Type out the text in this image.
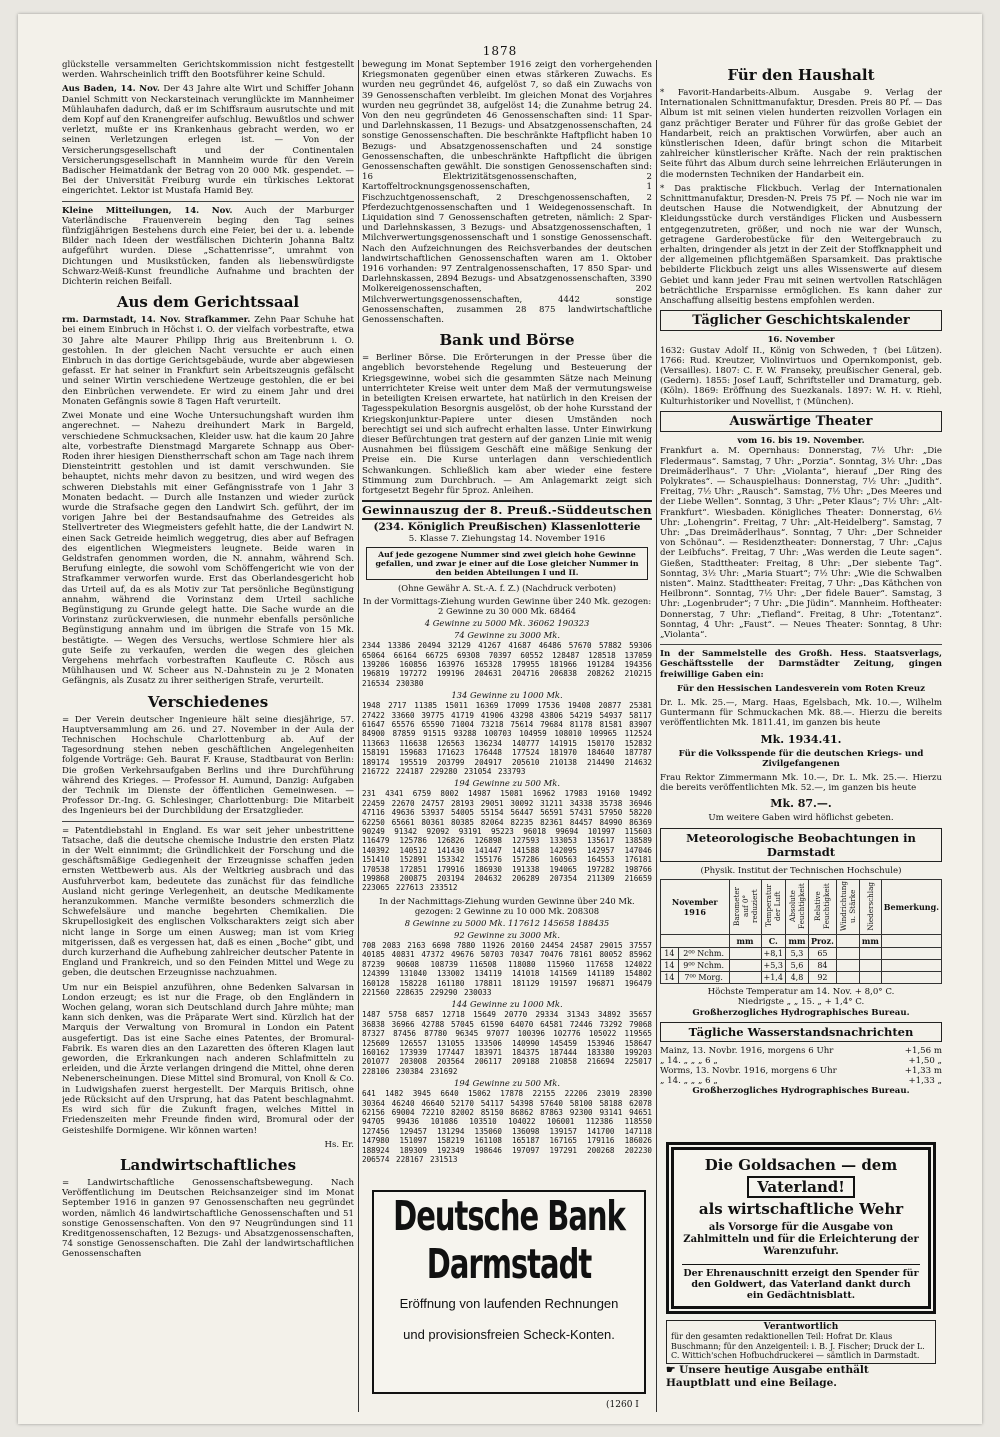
1878

glückstelle versammelten Gerichtskommission nicht festgestellt werden. Wahrscheinlich trifft den Bootsführer keine Schuld.

Aus Baden, 14. Nov. Der 43 Jahre alte Wirt und Schiffer Johann Daniel Schmitt von Neckarsteinach verunglückte im Mannheimer Mühlauhafen dadurch, daß er im Schiffsraum ausrutschte und mit dem Kopf auf den Kranengreifer aufschlug. Bewußtlos und schwer verletzt, mußte er ins Krankenhaus gebracht werden, wo er seinen Verletzungen erlegen ist. — Von der Versicherungsgesellschaft und der Continentalen Versicherungsgesellschaft in Mannheim wurde für den Verein Badischer Heimatdank der Betrag von 20 000 Mk. gespendet. — Bei der Universität Freiburg wurde ein türkisches Lektorat eingerichtet. Lektor ist Mustafa Hamid Bey.

Kleine Mitteilungen, 14. Nov. Auch der Marburger Vaterländische Frauenverein beging den Tag seines fünfzigjährigen Bestehens durch eine Feier, bei der u. a. lebende Bilder nach Ideen der westfälischen Dichterin Johanna Baltz aufgeführt wurden. Diese „Schattenrisse“, umrahmt von Dichtungen und Musikstücken, fanden als liebenswürdigste Schwarz-Weiß-Kunst freundliche Aufnahme und brachten der Dichterin reichen Beifall.

Aus dem Gerichtssaal

rm. Darmstadt, 14. Nov. Strafkammer. Zehn Paar Schuhe hat bei einem Einbruch in Höchst i. O. der vielfach vorbestrafte, etwa 30 Jahre alte Maurer Philipp Ihrig aus Breitenbrunn i. O. gestohlen. In der gleichen Nacht versuchte er auch einen Einbruch in das dortige Gerichtsgebäude, wurde aber abgewiesen gefasst. Er hat seiner in Frankfurt sein Arbeitszeugnis gefälscht und seiner Wirtin verschiedene Wertzeuge gestohlen, die er bei den Einbrüchen verwendete. Er wird zu einem Jahr und drei Monaten Gefängnis sowie 8 Tagen Haft verurteilt.

Zwei Monate und eine Woche Untersuchungshaft wurden ihm angerechnet. — Nahezu dreihundert Mark in Bargeld, verschiedene Schmucksachen, Kleider usw. hat die kaum 20 Jahre alte, vorbestrafte Dienstmagd Margarete Schnapp aus Ober-Roden ihrer hiesigen Dienstherrschaft schon am Tage nach ihrem Diensteintritt gestohlen und ist damit verschwunden. Sie behauptet, nichts mehr davon zu besitzen, und wird wegen des schweren Diebstahls mit einer Gefängnisstrafe von 1 Jahr 3 Monaten bedacht. — Durch alle Instanzen und wieder zurück wurde die Strafsache gegen den Landwirt Sch. geführt, der im vorigen Jahre bei der Bestandsaufnahme des Getreides als Stellvertreter des Wiegmeisters gefehlt hatte, die der Landwirt N. einen Sack Getreide heimlich weggetrug, dies aber auf Befragen des eigentlichen Wiegmeisters leugnete. Beide waren in Geldstrafen genommen worden, die N. annahm, während Sch. Berufung einlegte, die sowohl vom Schöffengericht wie von der Strafkammer verworfen wurde. Erst das Oberlandesgericht hob das Urteil auf, da es als Motiv zur Tat persönliche Begünstigung annahm, während die Vorinstanz dem Urteil sachliche Begünstigung zu Grunde gelegt hatte. Die Sache wurde an die Vorinstanz zurückverwiesen, die nunmehr ebenfalls persönliche Begünstigung annahm und im übrigen die Strafe von 15 Mk. bestätigte. — Wegen des Versuchs, wertlose Schmiere hier als gute Seife zu verkaufen, werden die wegen des gleichen Vergehens mehrfach vorbestraften Kaufleute C. Rösch aus Mühlhausen und W. Scheer aus N.-Dahnstein zu je 2 Monaten Gefängnis, als Zusatz zu ihrer seitherigen Strafe, verurteilt.

Verschiedenes

= Der Verein deutscher Ingenieure hält seine diesjährige, 57. Hauptversammlung am 26. und 27. November in der Aula der Technischen Hochschule Charlottenburg ab. Auf der Tagesordnung stehen neben geschäftlichen Angelegenheiten folgende Vorträge: Geh. Baurat F. Krause, Stadtbaurat von Berlin: Die großen Verkehrsaufgaben Berlins und ihre Durchführung während des Krieges. — Professor H. Aumund, Danzig: Aufgaben der Technik im Dienste der öffentlichen Gemeinwesen. — Professor Dr.-Ing. G. Schlesinger, Charlottenburg: Die Mitarbeit des Ingenieurs bei der Durchbildung der Ersatzglieder.

= Patentdiebstahl in England. Es war seit jeher unbestrittene Tatsache, daß die deutsche chemische Industrie den ersten Platz in der Welt einnimmt; die Gründlichkeit der Forschung und die geschäftsmäßige Gediegenheit der Erzeugnisse schaffen jeden ernsten Wettbewerb aus. Als der Weltkrieg ausbrach und das Ausfuhrverbot kam, bedeutete das zunächst für das feindliche Ausland nicht geringe Verlegenheit, an deutsche Medikamente heranzukommen. Manche vermißte besonders schmerzlich die Schwefelsäure und manche begehrten Chemikalien. Die Skrupellosigkeit des englischen Volkscharakters zeigt sich aber nicht lange in Sorge um einen Ausweg; man ist vom Krieg mitgerissen, daß es vergessen hat, daß es einen „Boche“ gibt, und durch kurzerhand die Aufhebung zahlreicher deutscher Patente in England und Frankreich, und so den Feinden Mittel und Wege zu geben, die deutschen Erzeugnisse nachzuahmen.

Um nur ein Beispiel anzuführen, ohne Bedenken Salvarsan in London erzeugt; es ist nur die Frage, ob den Engländern in Wochen gelang, woran sich Deutschland durch Jahre mühte; man kann sich denken, was die Präparate Wert sind. Kürzlich hat der Marquis der Verwaltung von Bromural in London ein Patent ausgefertigt. Das ist eine Sache eines Patentes, der Bromural-Fabrik. Es waren dies an den Lazaretten des öfteren Klagen laut geworden, die Erkrankungen nach anderen Schlafmitteln zu erleiden, und die Ärzte verlangen dringend die Mittel, ohne deren Nebenerscheinungen. Diese Mittel sind Bromural, von Knoll & Co. in Ludwigshafen zuerst hergestellt. Der Marquis Britisch, ohne jede Rücksicht auf den Ursprung, hat das Patent beschlagnahmt. Es wird sich für die Zukunft fragen, welches Mittel in Friedenszeiten mehr Freunde finden wird, Bromural oder der Geisteshilfe Dormigene. Wir können warten!

Hs. Er.

Landwirtschaftliches

= Landwirtschaftliche Genossenschaftsbewegung. Nach Veröffentlichung im Deutschen Reichsanzeiger sind im Monat September 1916 in ganzen 97 Genossenschaften neu gegründet worden, nämlich 46 landwirtschaftliche Genossenschaften und 51 sonstige Genossenschaften. Von den 97 Neugründungen sind 11 Kreditgenossenschaften, 12 Bezugs- und Absatzgenossenschaften, 74 sonstige Genossenschaften. Die Zahl der landwirtschaftlichen Genossenschaften

bewegung im Monat September 1916 zeigt den vorhergehenden Kriegsmonaten gegenüber einen etwas stärkeren Zuwachs. Es wurden neu gegründet 46, aufgelöst 7, so daß ein Zuwachs von 39 Genossenschaften verbleibt. Im gleichen Monat des Vorjahres wurden neu gegründet 38, aufgelöst 14; die Zunahme betrug 24. Von den neu gegründeten 46 Genossenschaften sind: 11 Spar- und Darlehnskassen, 11 Bezugs- und Absatzgenossenschaften, 24 sonstige Genossenschaften. Die beschränkte Haftpflicht haben 10 Bezugs- und Absatzgenossenschaften und 24 sonstige Genossenschaften, die unbeschränkte Haftpflicht die übrigen Genossenschaften gewählt. Die sonstigen Genossenschaften sind: 16 Elektrizitätsgenossenschaften, 2 Kartoffeltrocknungsgenossenschaften, 1 Fischzuchtgenossenschaft, 2 Dreschgenossenschaften, 2 Pferdezuchtgenossenschaften und 1 Weidegenossenschaft. In Liquidation sind 7 Genossenschaften getreten, nämlich: 2 Spar- und Darlehnskassen, 3 Bezugs- und Absatzgenossenschaften, 1 Milchverwertungsgenossenschaft und 1 sonstige Genossenschaft. Nach den Aufzeichnungen des Reichsverbandes der deutschen landwirtschaftlichen Genossenschaften waren am 1. Oktober 1916 vorhanden: 97 Zentralgenossenschaften, 17 850 Spar- und Darlehnskassen, 2894 Bezugs- und Absatzgenossenschaften, 3390 Molkereigenossenschaften, 202 Milchverwertungsgenossenschaften, 4442 sonstige Genossenschaften, zusammen 28 875 landwirtschaftliche Genossenschaften.

Bank und Börse

= Berliner Börse. Die Erörterungen in der Presse über die angeblich bevorstehende Regelung und Besteuerung der Kriegsgewinne, wobei sich die gesammten Sätze nach Meinung unterrichteter Kreise weit unter dem Maß der vermutungsweise in beteiligten Kreisen erwartete, hat natürlich in den Kreisen der Tagesspekulation Besorgnis ausgelöst, ob der hohe Kursstand der Kriegskonjunktur-Papiere unter diesen Umständen noch berechtigt sei und sich aufrecht erhalten lasse. Unter Einwirkung dieser Befürchtungen trat gestern auf der ganzen Linie mit wenig Ausnahmen bei flüssigem Geschäft eine mäßige Senkung der Preise ein. Die Kurse unterlagen dann verschiedentlich Schwankungen. Schließlich kam aber wieder eine festere Stimmung zum Durchbruch. — Am Anlagemarkt zeigt sich fortgesetzt Begehr für 5proz. Anleihen.

Gewinnauszug der 8. Preuß.-Süddeutschen
(234. Königlich Preußischen) Klassenlotterie
5. Klasse 7. Ziehungstag 14. November 1916
Auf jede gezogene Nummer sind zwei gleich hohe Gewinne gefallen, und zwar je einer auf die Lose gleicher Nummer in den beiden Abteilungen I und II.
(Ohne Gewähr A. St.-A. f. Z.) (Nachdruck verboten)
In der Vormittags-Ziehung wurden Gewinne über 240 Mk. gezogen: 2 Gewinne zu 30 000 Mk. 68464
4 Gewinne zu 5000 Mk. 36062 190323
74 Gewinne zu 3000 Mk.

2344 13386 20494 32129 41267 41687 46486 57670 57882 59306 65064 66164 66725 69308 70397 60552 128487 128518 137059 139206 160856 163976 165328 179955 181966 191284 194356 196819 197272 199196 204631 204716 206838 208262 210215 216534 230380

134 Gewinne zu 1000 Mk.

1948 2717 11385 15011 16369 17099 17536 19408 20877 25381 27422 33660 39775 41719 41906 43298 43806 54219 54937 58117 61647 65576 65590 71004 73218 75614 79684 81178 81581 83907 84900 87859 91515 93288 100703 104959 108010 109965 112524 113663 116638 126563 136234 140777 141915 150170 152832 158191 159683 171623 176448 177524 181970 184640 187787 189174 195519 203799 204917 205610 210138 214490 214632 216722 224187 229280 231054 233793

194 Gewinne zu 500 Mk.

231 4341 6759 8002 14987 15081 16962 17983 19160 19492 22459 22670 24757 28193 29051 30092 31211 34338 35738 36946 47116 49636 53937 54005 55154 56447 56591 57431 57950 58220 62250 65661 80361 80385 82064 82235 82361 84457 84990 86369 90249 91342 92092 93191 95223 96018 99694 101997 115603 116479 125786 126826 126898 127593 133053 135617 138589 140392 140512 141430 141447 141588 142095 142957 147046 151410 152891 153342 155176 157286 160563 164553 176181 170538 172851 179916 186930 191338 194065 197282 198766 199868 200875 203194 204632 206289 207354 211309 216659 223065 227613 233512

In der Nachmittags-Ziehung wurden Gewinne über 240 Mk. gezogen: 2 Gewinne zu 10 000 Mk. 208308
8 Gewinne zu 5000 Mk. 117612 145658 188435
92 Gewinne zu 3000 Mk.

708 2083 2163 6698 7880 11926 20160 24454 24587 29015 37557 40185 40831 47372 49676 50703 70347 70476 78161 80052 85962 87239 90608 108739 116508 118080 115960 117658 124022 124399 131040 133002 134119 141018 141569 141189 154802 160128 158228 161180 178811 181129 191597 196871 196479 221560 228635 229290 230033

144 Gewinne zu 1000 Mk.

1487 5758 6857 12718 15649 20770 29334 31343 34892 35657 36838 36966 42788 57045 61590 64070 64581 72446 73292 79068 87327 87456 87780 96345 97077 100396 102776 105022 119565 125609 126557 131055 133506 140990 145459 153946 158647 160162 173939 177447 183971 184375 187444 183380 199203 201077 203008 203564 206117 209188 210858 216694 225017 228106 230384 231692

194 Gewinne zu 500 Mk.

641 1482 3945 6640 15062 17878 22155 22206 23019 28390 30364 46240 46640 52170 54117 54398 57640 58100 58188 62078 62156 69004 72210 82002 85150 86862 87863 92300 93141 94651 94705 99436 101086 103510 104022 106001 112386 118550 127456 129457 131294 135060 136098 139157 141700 147118 147980 151097 158219 161108 165187 167165 179116 186026 188924 189309 192349 198646 197097 197291 200268 202230 206574 228167 231513

Deutsche Bank Darmstadt
Eröffnung von laufenden Rechnungen
und provisionsfreien Scheck-Konten.
(1260 I
Für den Haushalt

* Favorit-Handarbeits-Album. Ausgabe 9. Verlag der Internationalen Schnittmanufaktur, Dresden. Preis 80 Pf. — Das Album ist mit seinen vielen hunderten reizvollen Vorlagen ein ganz prächtiger Berater und Führer für das große Gebiet der Handarbeit, reich an praktischen Vorwürfen, aber auch an künstlerischen Ideen, dafür bringt schon die Mitarbeit zahlreicher künstlerischer Kräfte. Nach der rein praktischen Seite führt das Album durch seine lehrreichen Erläuterungen in die modernsten Techniken der Handarbeit ein.

* Das praktische Flickbuch. Verlag der Internationalen Schnittmanufaktur, Dresden-N. Preis 75 Pf. — Noch nie war im deutschen Hause die Notwendigkeit, der Abnutzung der Kleidungsstücke durch verständiges Flicken und Ausbessern entgegenzutreten, größer, und noch nie war der Wunsch, getragene Garderobestücke für den Weitergebrauch zu erhalten, dringender als jetzt in der Zeit der Stoffknappheit und der allgemeinen pflichtgemäßen Sparsamkeit. Das praktische bebilderte Flickbuch zeigt uns alles Wissenswerte auf diesem Gebiet und kann jeder Frau mit seinen wertvollen Ratschlägen beträchtliche Ersparnisse ermöglichen. Es kann daher zur Anschaffung allseitig bestens empfohlen werden.

Täglicher Geschichtskalender
16. November

1632: Gustav Adolf II., König von Schweden, † (bei Lützen). 1766: Rud. Kreutzer, Violinvirtuos und Opernkomponist, geb. (Versailles). 1807: C. F. W. Franseky, preußischer General, geb. (Gedern). 1855: Josef Lauff, Schriftsteller und Dramaturg, geb. (Köln). 1869: Eröffnung des Suezkanals. 1897: W. H. v. Riehl, Kulturhistoriker und Novellist, † (München).

Auswärtige Theater
vom 16. bis 19. November.

Frankfurt a. M. Opernhaus: Donnerstag, 7½ Uhr: „Die Fledermaus“. Samstag, 7 Uhr: „Porzia“. Sonntag, 3½ Uhr: „Das Dreimäderlhaus“. 7 Uhr: „Violanta“, hierauf „Der Ring des Polykrates“. — Schauspielhaus: Donnerstag, 7½ Uhr: „Judith“. Freitag, 7½ Uhr: „Rausch“. Samstag, 7½ Uhr: „Des Meeres und der Liebe Wellen“. Sonntag, 3 Uhr: „Peter Klaus“; 7½ Uhr: „Alt-Frankfurt“. Wiesbaden. Königliches Theater: Donnerstag, 6½ Uhr: „Lohengrin“. Freitag, 7 Uhr: „Alt-Heidelberg“. Samstag, 7 Uhr: „Das Dreimäderlhaus“. Sonntag, 7 Uhr: „Der Schneider von Schönau“. — Residenztheater: Donnerstag, 7 Uhr: „Cajus der Leibfuchs“. Freitag, 7 Uhr: „Was werden die Leute sagen“. Gießen, Stadttheater: Freitag, 8 Uhr: „Der siebente Tag“. Sonntag, 3½ Uhr: „Maria Stuart“; 7½ Uhr: „Wie die Schwalben nisten“. Mainz. Stadttheater: Freitag, 7 Uhr: „Das Käthchen von Heilbronn“. Sonntag, 7½ Uhr: „Der fidele Bauer“. Samstag, 3 Uhr: „Logenbruder“; 7 Uhr: „Die Jüdin“. Mannheim. Hoftheater: Donnerstag, 7 Uhr: „Tiefland“. Freitag, 8 Uhr: „Totentanz“. Sonntag, 4 Uhr: „Faust“. — Neues Theater: Sonntag, 8 Uhr: „Violanta“.

In der Sammelstelle des Großh. Hess. Staatsverlags, Geschäftsstelle der Darmstädter Zeitung, gingen freiwillige Gaben ein:

Für den Hessischen Landesverein vom Roten Kreuz

Dr. L. Mk. 25.—, Marg. Haas, Egelsbach, Mk. 10.—, Wilhelm Guntermann für Schmuckachen Mk. 88.—. Hierzu die bereits veröffentlichten Mk. 1811.41, im ganzen bis heute

Mk. 1934.41.

Für die Volksspende für die deutschen Kriegs- und Zivilgefangenen

Frau Rektor Zimmermann Mk. 10.—, Dr. L. Mk. 25.—. Hierzu die bereits veröffentlichten Mk. 52.—, im ganzen bis heute

Mk. 87.—.

Um weitere Gaben wird höflichst gebeten.

Meteorologische Beobachtungen in Darmstadt
(Physik. Institut der Technischen Hochschule)
November 1916		Barometer auf 0° reduziert	Temperatur der Luft	Absolute Feuchtigkeit	Relative Feuchtigkeit	Windrichtung u. Stärke	Niederschlag	Bemerkung.
		mm	C.	mm	Proz.		mm	
14	2⁰⁰ Nchm.		+8,1	5,3	65			
14	9⁰⁰ Nchm.		+5,3	5,6	84			
14	7⁰⁰ Morg.		+1,4	4,8	92			
Höchste Temperatur am 14. Nov. + 8,0° C.
Niedrigste „ „ 15. „ + 1,4° C.
Großherzogliches Hydrographisches Bureau.
Tägliche Wasserstandsnachrichten
Mainz, 13. Novbr. 1916, morgens 6 Uhr	+1,56 m
„ 14. „ „ „ 6 „	+1,50 „
Worms, 13. Novbr. 1916, morgens 6 Uhr	+1,33 m
„ 14. „ „ „ 6 „	+1,33 „
Großherzogliches Hydrographisches Bureau.
Die Goldsachen — dem
Vaterland!
als wirtschaftliche Wehr
als Vorsorge für die Ausgabe von Zahlmitteln und für die Erleichterung der Warenzufuhr.
Der Ehrenauschnitt erzeigt den Spender für den Goldwert, das Vaterland dankt durch ein Gedächtnisblatt.
Verantwortlich
für den gesamten redaktionellen Teil: Hofrat Dr. Klaus Buschmann; für den Anzeigenteil: i. B. J. Fischer; Druck der L. C. Wittich'schen Hofbuchdruckerei — sämtlich in Darmstadt.
☛ Unsere heutige Ausgabe enthält Hauptblatt und eine Beilage.
